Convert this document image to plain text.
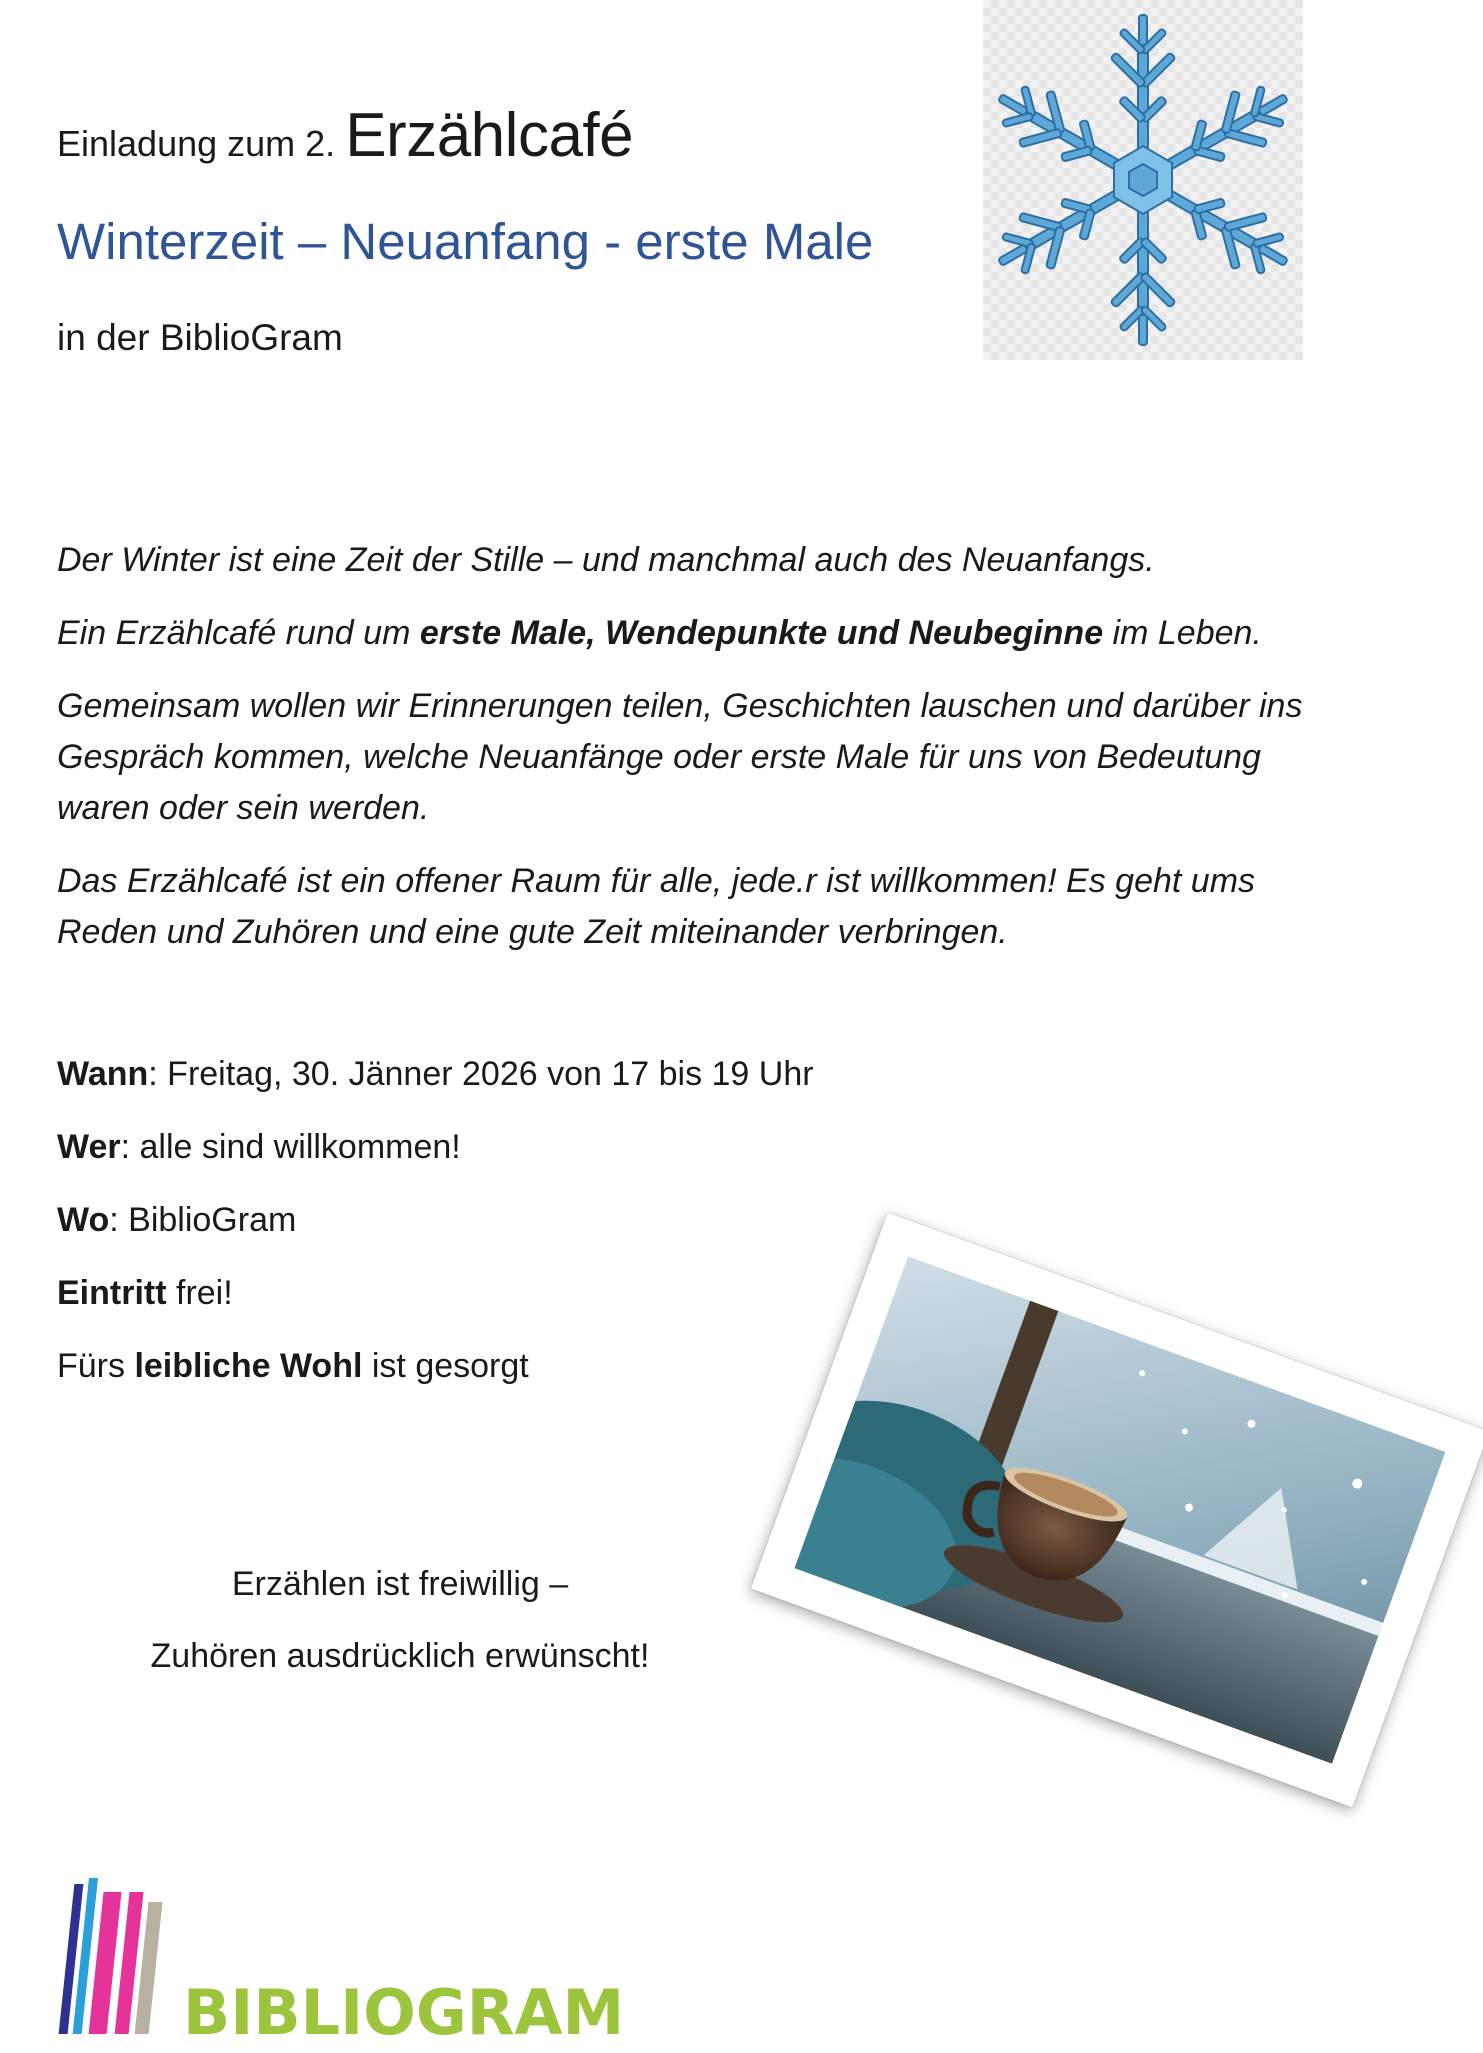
Einladung zum 2. Erzählcafé
Winterzeit – Neuanfang - erste Male
in der BiblioGram

Der Winter ist eine Zeit der Stille – und manchmal auch des Neuanfangs.

Ein Erzählcafé rund um erste Male, Wendepunkte und Neubeginne im Leben.

Gemeinsam wollen wir Erinnerungen teilen, Geschichten lauschen und darüber ins Gespräch kommen, welche Neuanfänge oder erste Male für uns von Bedeutung waren oder sein werden.

Das Erzählcafé ist ein offener Raum für alle, jede.r ist willkommen! Es geht ums Reden und Zuhören und eine gute Zeit miteinander verbringen.

Wann: Freitag, 30. Jänner 2026 von 17 bis 19 Uhr

Wer: alle sind willkommen!

Wo: BiblioGram

Eintritt frei!

Fürs leibliche Wohl ist gesorgt

Erzählen ist freiwillig –

Zuhören ausdrücklich erwünscht!

BIBLIOGRAM
